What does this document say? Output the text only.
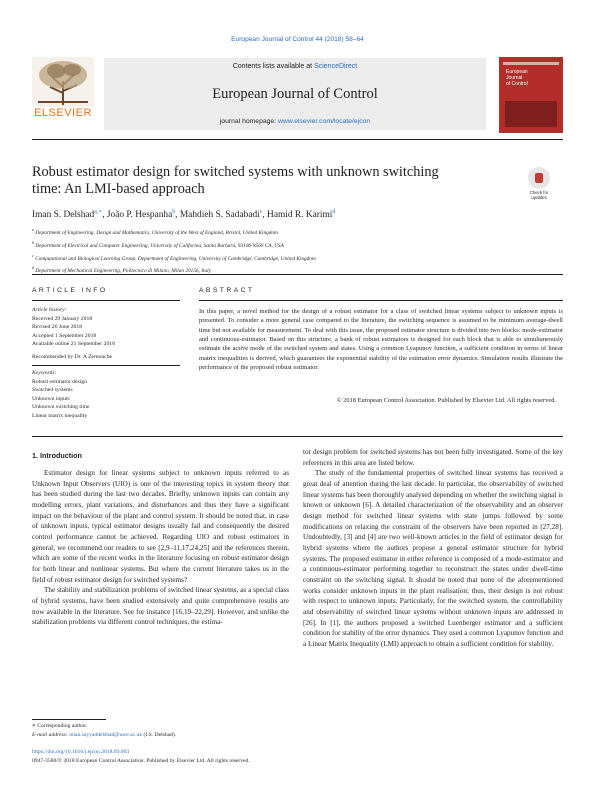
European Journal of Control 44 (2018) 58–64
ELSEVIER
Contents lists available at ScienceDirect
European Journal of Control
journal homepage: www.elsevier.com/locate/ejcon
European
Journal
of Control
Robust estimator design for switched systems with unknown switching time: An LMI-based approach	Check for updates
Iman S. Delshad$^{a,∗}$, João P. Hespanha$^b$, Mahdieh S. Sadabadi$^c$, Hamid R. Karimi$^d$
$^a$ Department of Engineering, Design and Mathematics, University of the West of England, Bristol, United Kingdom
$^b$ Department of Electrical and Computer Engineering, University of California, Santa Barbara, 93106-9560 CA, USA
$^c$ Computational and Biological Learning Group, Department of Engineering, University of Cambridge, Cambridge, United Kingdom
$^d$ Department of Mechanical Engineering, Politecnico di Milano, Milan 20156, Italy
ARTICLE INFO	ABSTRACT
Article history:
Received 29 January 2018
Revised 26 June 2018
Accepted 1 September 2018
Available online 21 September 2018
Recommended by Dr. A Zemouche
Keywords:
Robust estimator design
Switched systems
Unknown inputs
Unknown switching time
Linear matrix inequality
In this paper, a novel method for the design of a robust estimator for a class of switched linear systems subject to unknown inputs is presented. To consider a more general case compared to the literature, the switching sequence is assumed to be minimum average-dwell time but not available for measurement. To deal with this issue, the proposed estimator structure is divided into two blocks: mode-estimator and continuous-estimator. Based on this structure, a bank of robust estimators is designed for each block that is able to simultaneously estimate the active mode of the switched system and states. Using a common Lyapunov function, a sufficient condition in terms of linear matrix inequalities is derived, which guarantees the exponential stability of the estimation error dynamics. Simulation results illustrate the performance of the proposed robust estimator.
© 2018 European Control Association. Published by Elsevier Ltd. All rights reserved.
1. Introduction

Estimator design for linear systems subject to unknown inputs referred to as Unknown Input Observers (UIO) is one of the interesting topics in system theory that has been studied during the last two decades. Briefly, unknown inputs can contain any modelling errors, plant variations, and disturbances and thus they have a significant impact on the behaviour of the plant and control system. It should be noted that, in case of unknown inputs, typical estimator designs usually fail and consequently the desired control performance cannot be achieved. Regarding UIO and robust estimators in general, we recommend our readers to see [2,9–11,17,24,25] and the references therein, which are some of the recent works in the literature focusing on robust estimator design for both linear and nonlinear systems. But where the current literature takes us in the field of robust estimator design for switched systems?

The stability and stabilization problems of switched linear systems, as a special class of hybrid systems, have been studied extensively and quite comprehensive results are now available in the literature. See for instance [16,19–22,29]. However, and unlike the stabilization problems via different control techniques, the estima-

tor design problem for switched systems has not been fully investigated. Some of the key references in this area are listed below.

The study of the fundamental properties of switched linear systems has received a great deal of attention during the last decade. In particular, the observability of switched linear systems has been thoroughly analysed depending on whether the switching signal is known or unknown [6]. A detailed characterization of the observability and an observer design method for switched linear systems with state jumps followed by some modifications on relaxing the constraint of the observers have been reported in [27,28]. Undoubtedly, [3] and [4] are two well-known articles in the field of estimator design for hybrid systems where the authors propose a general estimator structure for hybrid systems. The proposed estimator in either reference is composed of a mode-estimator and a continuous-estimator performing together to reconstruct the states under dwell-time constraint on the switching signal. It should be noted that none of the aforementioned works consider unknown inputs in the plant realisation; thus, their design is not robust with respect to unknown inputs. Particularly, for the switched system, the controllability and observability of switched linear systems without unknown inputs are addressed in [26]. In [1], the authors proposed a switched Luenberger estimator and a sufficient condition for stability of the error dynamics. They used a common Lyapunov function and a Linear Matrix Inequality (LMI) approach to obtain a sufficient condition for stability.

∗ Corresponding author.
E-mail address: iman.sayyaddelshad@uwe.ac.uk (I.S. Delshad).
https://doi.org/10.1016/j.ejcon.2018.09.003
0947-3580/© 2018 European Control Association. Published by Elsevier Ltd. All rights reserved.
